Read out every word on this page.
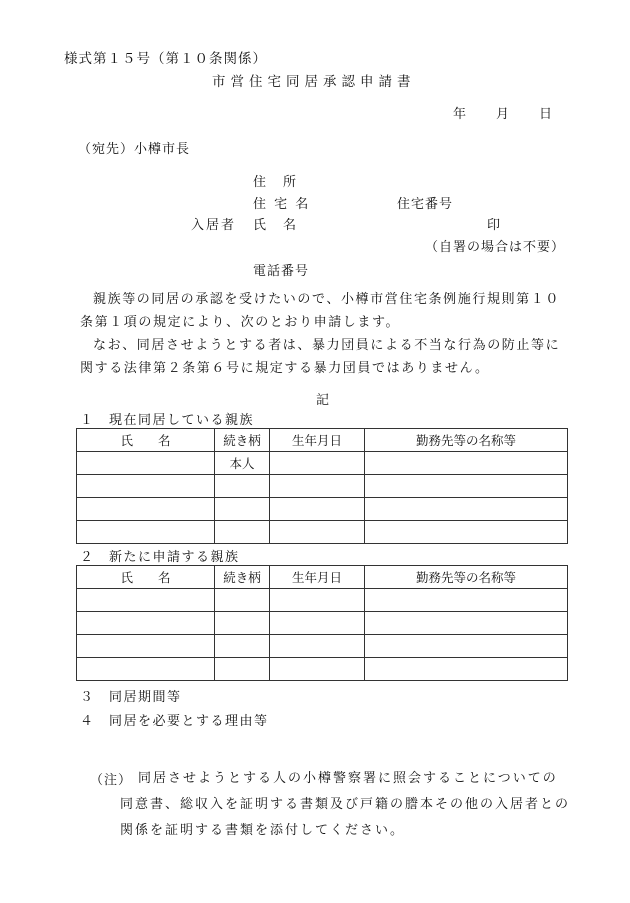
様式第１５号（第１０条関係）
市営住宅同居承認申請書
年 月 日
（宛先）小樽市長
住　所
住 宅 名	住宅番号
入居者 氏　名	印
（自署の場合は不要）
電話番号
親族等の同居の承認を受けたいので、小樽市営住宅条例施行規則第１０条第１項の規定により、次のとおり申請します。
なお、同居させようとする者は、暴力団員による不当な行為の防止等に関する法律第２条第６号に規定する暴力団員ではありません。
記
１　現在同居している親族
氏　　名	続き柄	生年月日	勤務先等の名称等
	本人		

２　新たに申請する親族
氏　　名	続き柄	生年月日	勤務先等の名称等

３　同居期間等
４　同居を必要とする理由等
（注） 同居させようとする人の小樽警察署に照会することについての同意書、総収入を証明する書類及び戸籍の謄本その他の入居者との関係を証明する書類を添付してください。
